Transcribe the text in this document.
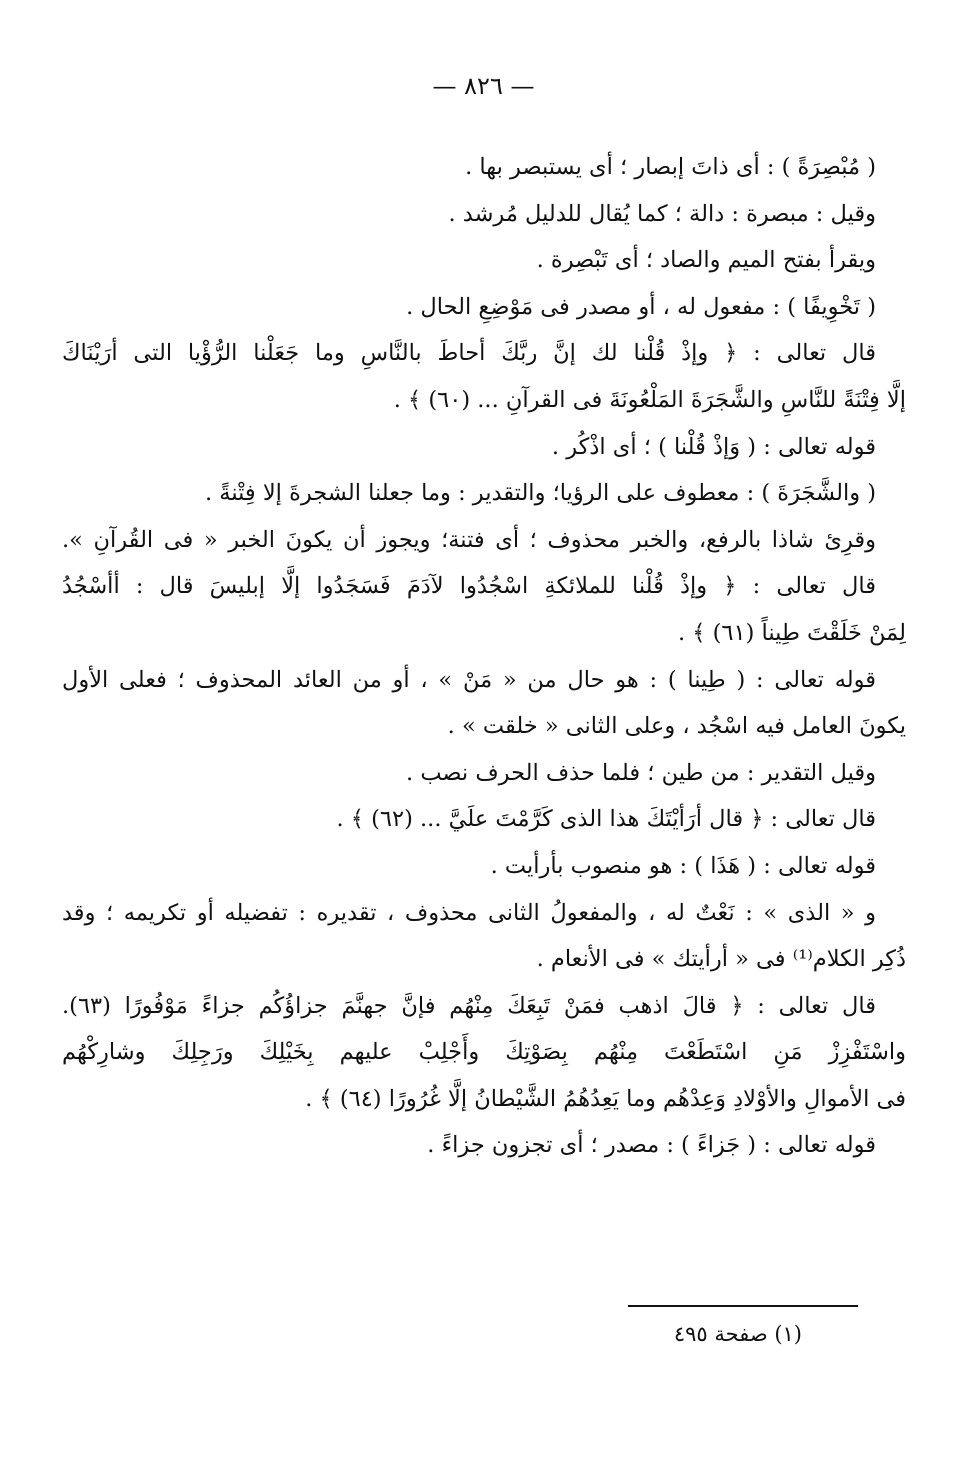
— ٨٢٦ —
( مُبْصِرَةً ) : أى ذاتَ إبصار ؛ أى يستبصر بها .
وقيل : مبصرة : دالة ؛ كما يُقال للدليل مُرشد .
ويقرأ بفتح الميم والصاد ؛ أى تَبْصِرة .
( تَخْوِيفًا ) : مفعول له ، أو مصدر فى مَوْضِعِ الحال .
قال تعالى : ﴿ وإذْ قُلْنا لك إنَّ ربَّكَ أحاطَ بالنَّاسِ وما جَعَلْنا الرُّؤْيا التى أرَيْنَاكَ
إلَّا فِتْنَةً للنَّاسِ والشَّجَرَةَ المَلْعُونَةَ فى القرآنِ ... (٦٠) ﴾ .
قوله تعالى : ( وَإذْ قُلْنا ) ؛ أى اذْكُر .
( والشَّجَرَةَ ) : معطوف على الرؤيا؛ والتقدير : وما جعلنا الشجرةَ إلا فِتْنةً .
وقرِئ شاذا بالرفع، والخبر محذوف ؛ أى فتنة؛ ويجوز أن يكونَ الخبر « فى القُرآنِ ».
قال تعالى : ﴿ وإذْ قُلْنا للملائكةِ اسْجُدُوا لآدَمَ فَسَجَدُوا إلَّا إبليسَ قال : أأسْجُدُ
لِمَنْ خَلَقْتَ طِيناً (٦١) ﴾ .
قوله تعالى : ( طِينا ) : هو حال من « مَنْ » ، أو من العائد المحذوف ؛ فعلى الأول
يكونَ العامل فيه اسْجُد ، وعلى الثانى « خلقت » .
وقيل التقدير : من طين ؛ فلما حذف الحرف نصب .
قال تعالى : ﴿ قال أرَأيْتَكَ هذا الذى كَرَّمْتَ علَيَّ ... (٦٢) ﴾ .
قوله تعالى : ( هَذَا ) : هو منصوب بأرأيت .
و « الذى » : نَعْتٌ له ، والمفعولُ الثانى محذوف ، تقديره : تفضيله أو تكريمه ؛ وقد
ذُكِر الكلام⁽¹⁾ فى « أرأيتك » فى الأنعام .
قال تعالى : ﴿ قالَ اذهب فمَنْ تَبِعَكَ مِنْهُم فإنَّ جهنَّمَ جزاؤُكُم جزاءً مَوْفُورًا (٦٣).
واسْتَفْزِزْ مَنِ اسْتَطَعْتَ مِنْهُم بِصَوْتِكَ وأَجْلِبْ عليهم بِخَيْلِكَ ورَجِلِكَ وشارِكْهُم
فى الأموالِ والأوْلادِ وَعِدْهُم وما يَعِدُهُمُ الشَّيْطانُ إلَّا غُرُورًا (٦٤) ﴾ .
قوله تعالى : ( جَزاءً ) : مصدر ؛ أى تجزون جزاءً .
(١) صفحة ٤٩٥
